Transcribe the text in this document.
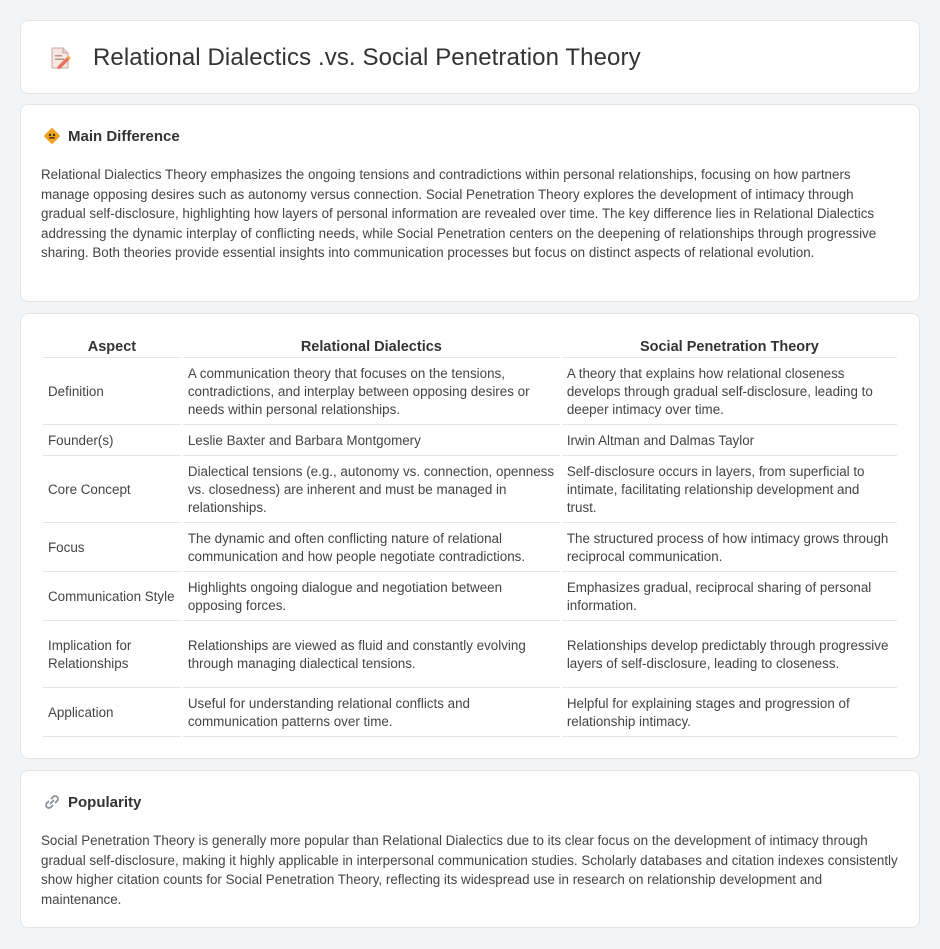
Relational Dialectics .vs. Social Penetration Theory
Main Difference

Relational Dialectics Theory emphasizes the ongoing tensions and contradictions within personal relationships, focusing on how partners manage opposing desires such as autonomy versus connection. Social Penetration Theory explores the development of intimacy through gradual self-disclosure, highlighting how layers of personal information are revealed over time. The key difference lies in Relational Dialectics addressing the dynamic interplay of conflicting needs, while Social Penetration centers on the deepening of relationships through progressive sharing. Both theories provide essential insights into communication processes but focus on distinct aspects of relational evolution.

Aspect	Relational Dialectics	Social Penetration Theory
Definition	A communication theory that focuses on the tensions, contradictions, and interplay between opposing desires or needs within personal relationships.	A theory that explains how relational closeness develops through gradual self-disclosure, leading to deeper intimacy over time.
Founder(s)	Leslie Baxter and Barbara Montgomery	Irwin Altman and Dalmas Taylor
Core Concept	Dialectical tensions (e.g., autonomy vs. connection, openness vs. closedness) are inherent and must be managed in relationships.	Self-disclosure occurs in layers, from superficial to intimate, facilitating relationship development and trust.
Focus	The dynamic and often conflicting nature of relational communication and how people negotiate contradictions.	The structured process of how intimacy grows through reciprocal communication.
Communication Style	Highlights ongoing dialogue and negotiation between opposing forces.	Emphasizes gradual, reciprocal sharing of personal information.
Implication for Relationships	Relationships are viewed as fluid and constantly evolving through managing dialectical tensions.	Relationships develop predictably through progressive layers of self-disclosure, leading to closeness.
Application	Useful for understanding relational conflicts and communication patterns over time.	Helpful for explaining stages and progression of relationship intimacy.
Popularity

Social Penetration Theory is generally more popular than Relational Dialectics due to its clear focus on the development of intimacy through gradual self-disclosure, making it highly applicable in interpersonal communication studies. Scholarly databases and citation indexes consistently show higher citation counts for Social Penetration Theory, reflecting its widespread use in research on relationship development and maintenance.
